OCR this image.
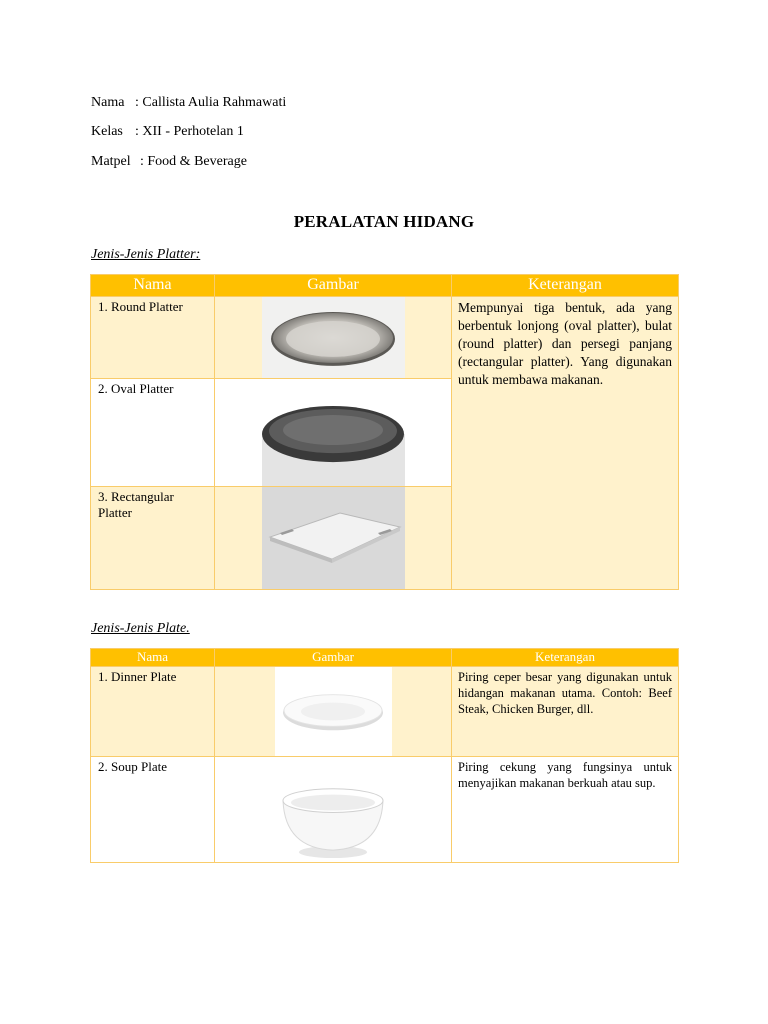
Nama : Callista Aulia Rahmawati
Kelas : XII - Perhotelan 1
Matpel : Food & Beverage
PERALATAN HIDANG
Jenis-Jenis Platter:
Nama	Gambar	Keterangan
1. Round Platter		Mempunyai tiga bentuk, ada yang berbentuk lonjong (oval platter), bulat (round platter) dan persegi panjang (rectangular platter). Yang digunakan untuk membawa makanan.
2. Oval Platter	

3. Rectangular Platter	
Jenis-Jenis Plate.
Nama	Gambar	Keterangan
1. Dinner Plate		Piring ceper besar yang digunakan untuk hidangan makanan utama. Contoh: Beef Steak, Chicken Burger, dll.
2. Soup Plate		Piring cekung yang fungsinya untuk menyajikan makanan berkuah atau sup.
